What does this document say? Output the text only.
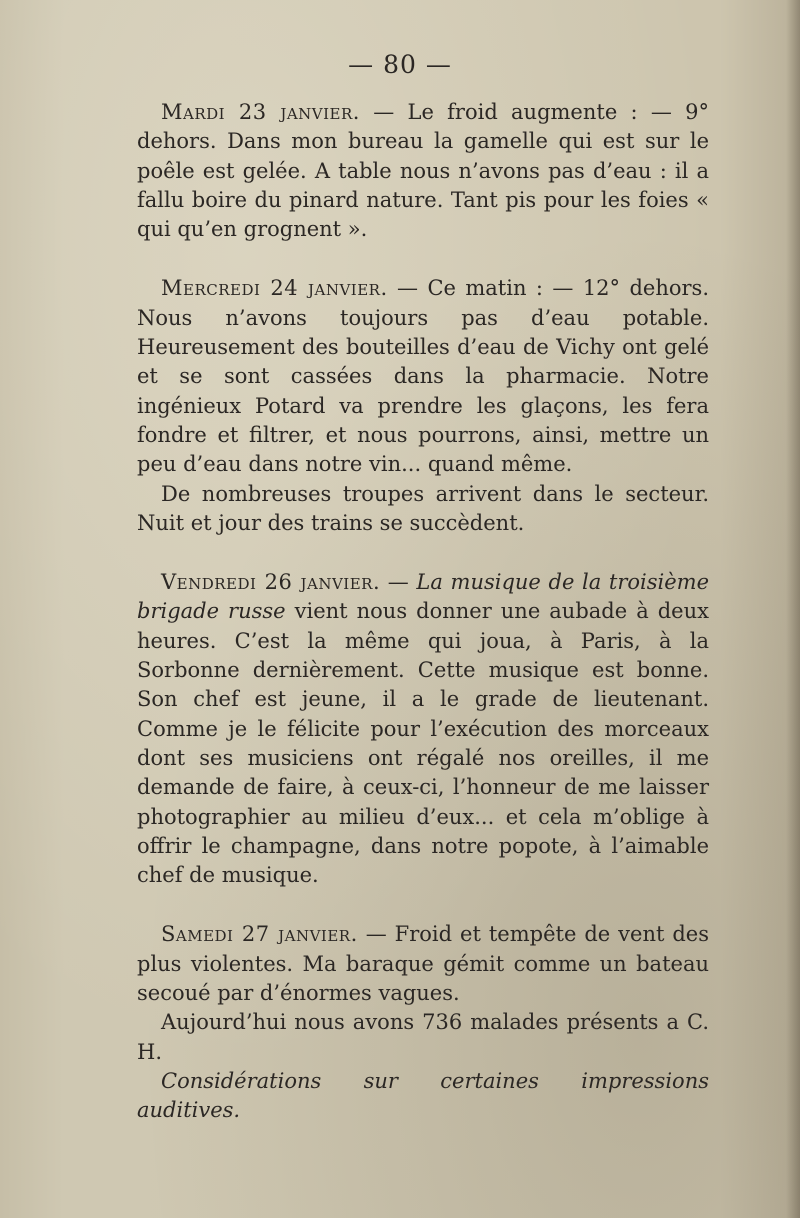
— 80 —

Mardi 23 janvier. — Le froid augmente : — 9° dehors. Dans mon bureau la gamelle qui est sur le poêle est gelée. A table nous n’avons pas d’eau : il a fallu boire du pinard nature. Tant pis pour les foies « qui qu’en grognent ».

Mercredi 24 janvier. — Ce matin : — 12° dehors. Nous n’avons toujours pas d’eau potable. Heureusement des bouteilles d’eau de Vichy ont gelé et se sont cassées dans la pharmacie. Notre ingénieux Potard va prendre les glaçons, les fera fondre et filtrer, et nous pourrons, ainsi, mettre un peu d’eau dans notre vin... quand même.

De nombreuses troupes arrivent dans le secteur. Nuit et jour des trains se succèdent.

Vendredi 26 janvier. — La musique de la troisième brigade russe vient nous donner une aubade à deux heures. C’est la même qui joua, à Paris, à la Sorbonne dernièrement. Cette musique est bonne. Son chef est jeune, il a le grade de lieutenant. Comme je le félicite pour l’exécution des morceaux dont ses musiciens ont régalé nos oreilles, il me demande de faire, à ceux-ci, l’honneur de me laisser photographier au milieu d’eux... et cela m’oblige à offrir le champagne, dans notre popote, à l’aimable chef de musique.

Samedi 27 janvier. — Froid et tempête de vent des plus violentes. Ma baraque gémit comme un bateau secoué par d’énormes vagues.

Aujourd’hui nous avons 736 malades présents a C. H.

Considérations sur certaines impressions auditives.
